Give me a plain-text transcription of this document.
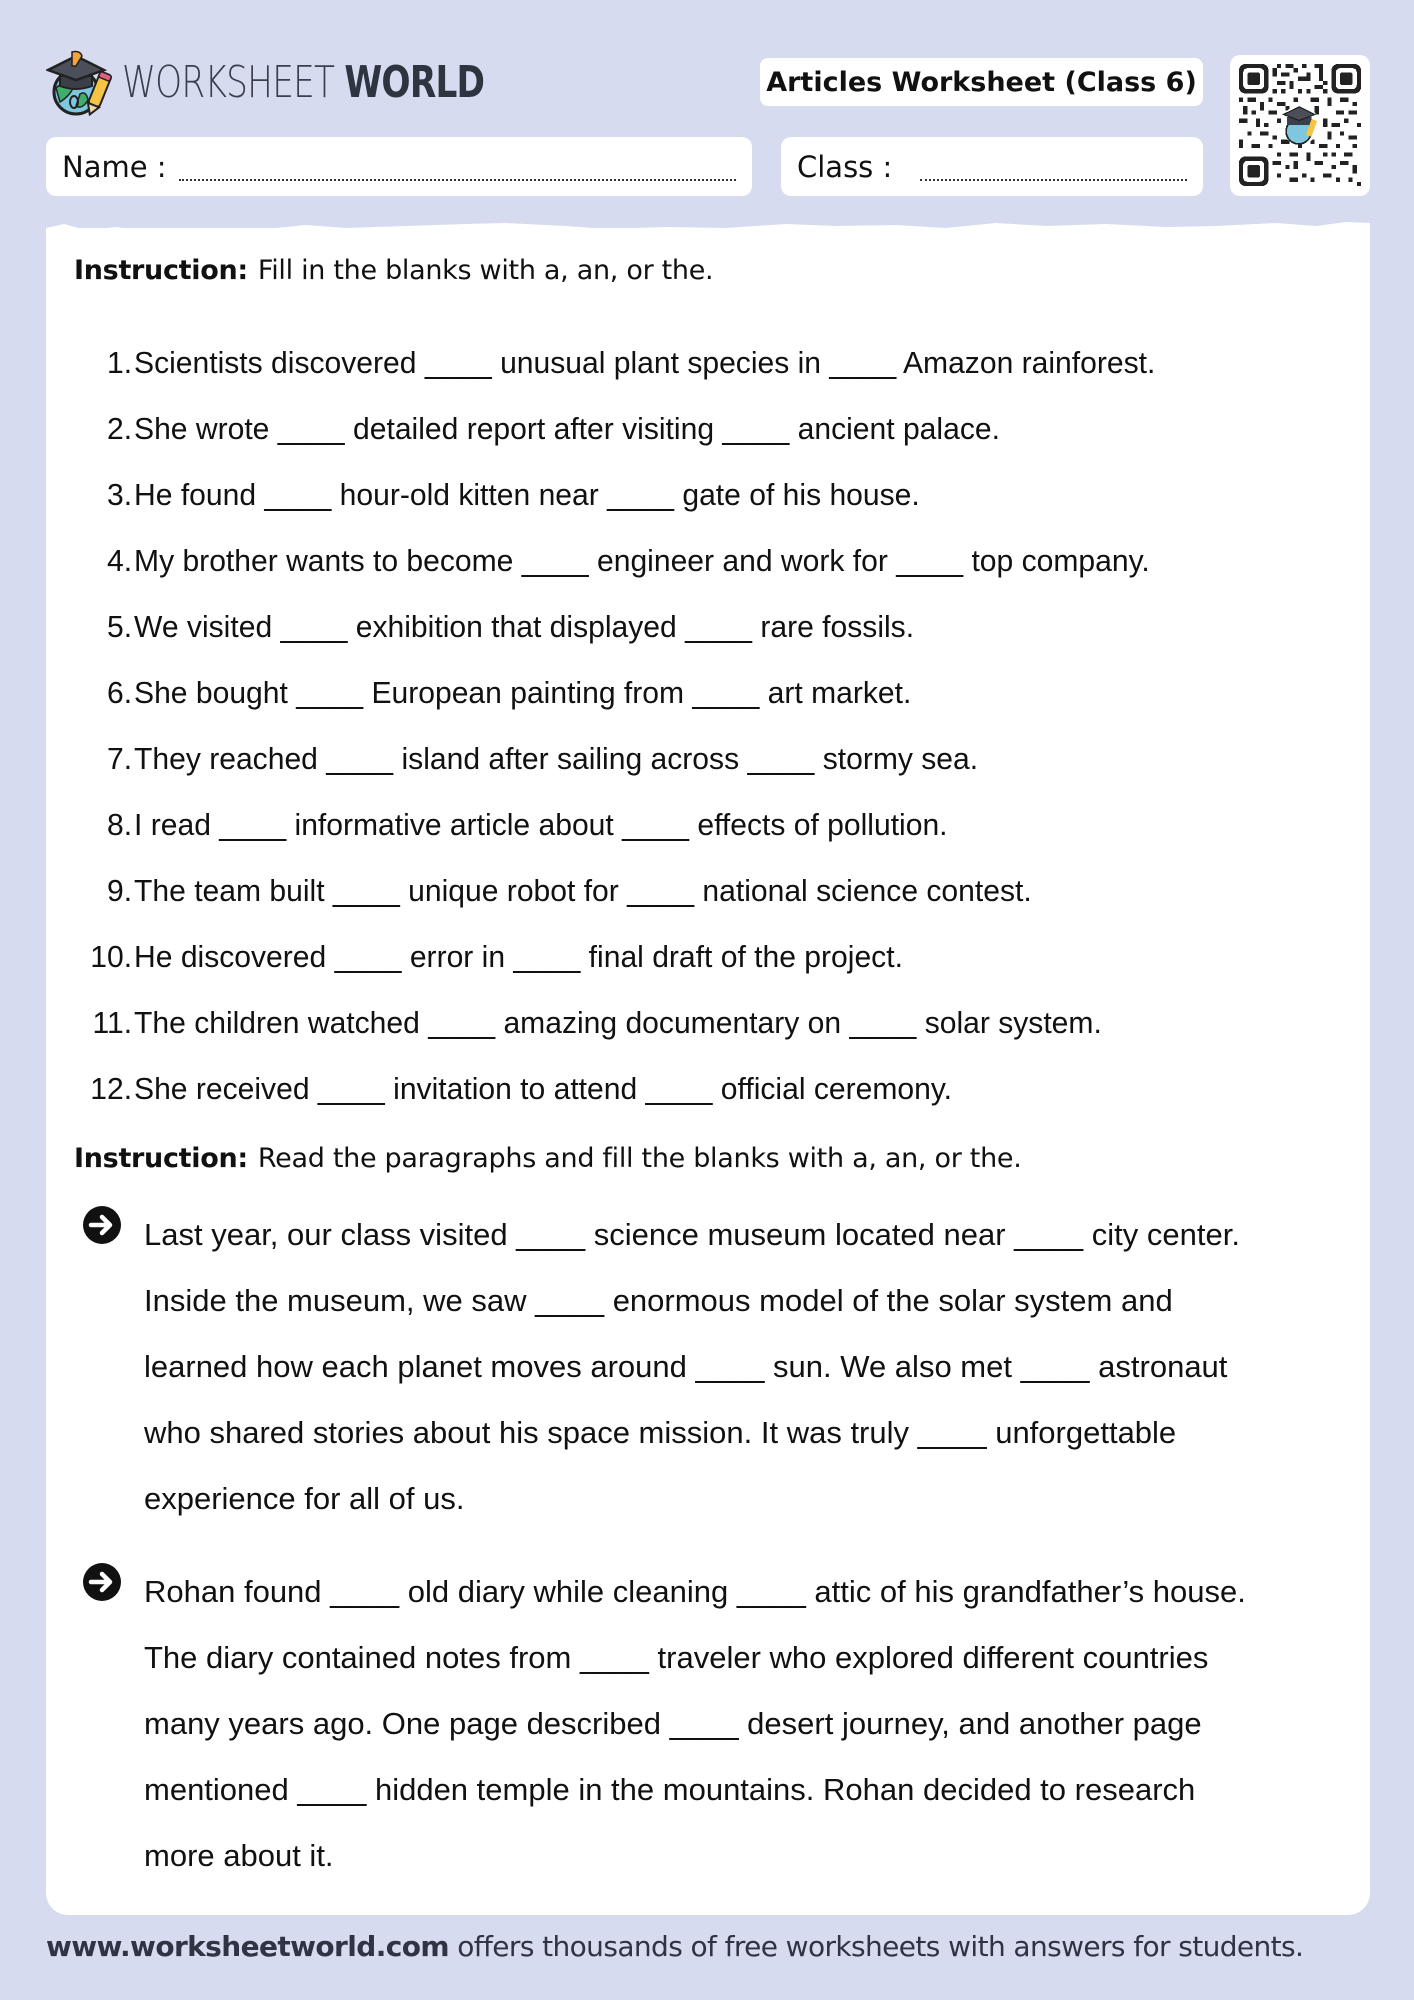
WORKSHEET WORLD	Articles Worksheet (Class 6)
Name :	Class :
Instruction: Fill in the blanks with a, an, or the.
1. Scientists discovered ____ unusual plant species in ____ Amazon rainforest.
2. She wrote ____ detailed report after visiting ____ ancient palace.
3. He found ____ hour-old kitten near ____ gate of his house.
4. My brother wants to become ____ engineer and work for ____ top company.
5. We visited ____ exhibition that displayed ____ rare fossils.
6. She bought ____ European painting from ____ art market.
7. They reached ____ island after sailing across ____ stormy sea.
8. I read ____ informative article about ____ effects of pollution.
9. The team built ____ unique robot for ____ national science contest.
10. He discovered ____ error in ____ final draft of the project.
11. The children watched ____ amazing documentary on ____ solar system.
12. She received ____ invitation to attend ____ official ceremony.
Instruction: Read the paragraphs and fill the blanks with a, an, or the.
Last year, our class visited ____ science museum located near ____ city center.
Inside the museum, we saw ____ enormous model of the solar system and
learned how each planet moves around ____ sun. We also met ____ astronaut
who shared stories about his space mission. It was truly ____ unforgettable
experience for all of us.
Rohan found ____ old diary while cleaning ____ attic of his grandfather’s house.
The diary contained notes from ____ traveler who explored different countries
many years ago. One page described ____ desert journey, and another page
mentioned ____ hidden temple in the mountains. Rohan decided to research
more about it.
www.worksheetworld.com offers thousands of free worksheets with answers for students.
